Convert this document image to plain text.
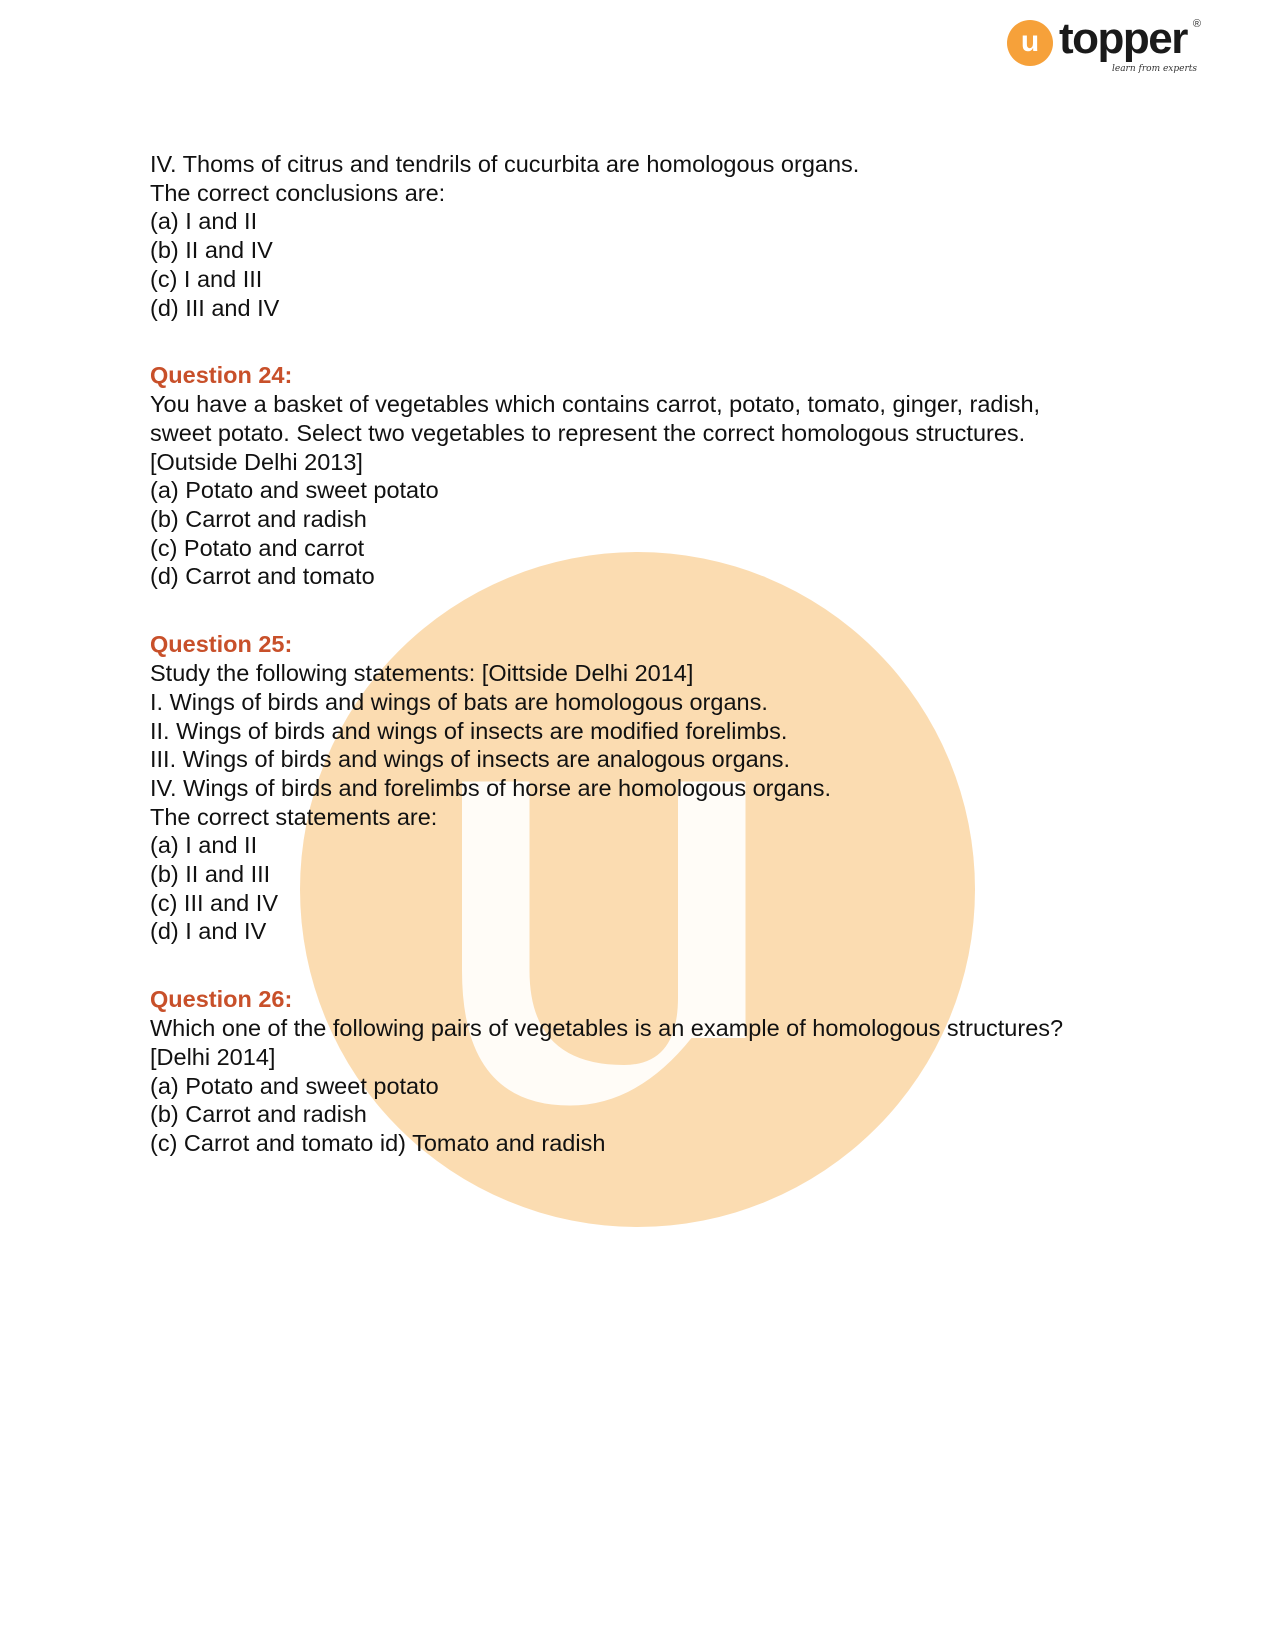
u topper ®
learn from experts
IV. Thoms of citrus and tendrils of cucurbita are homologous organs.
The correct conclusions are:
(a) I and II
(b) II and IV
(c) I and III
(d) III and IV
Question 24:
You have a basket of vegetables which contains carrot, potato, tomato, ginger, radish,
sweet potato. Select two vegetables to represent the correct homologous structures.
[Outside Delhi 2013]
(a) Potato and sweet potato
(b) Carrot and radish
(c) Potato and carrot
(d) Carrot and tomato
Question 25:
Study the following statements: [Oittside Delhi 2014]
I. Wings of birds and wings of bats are homologous organs.
II. Wings of birds and wings of insects are modified forelimbs.
III. Wings of birds and wings of insects are analogous organs.
IV. Wings of birds and forelimbs of horse are homologous organs.
The correct statements are:
(a) I and II
(b) II and III
(c) III and IV
(d) I and IV
Question 26:
Which one of the following pairs of vegetables is an example of homologous structures?
[Delhi 2014]
(a) Potato and sweet potato
(b) Carrot and radish
(c) Carrot and tomato id) Tomato and radish
